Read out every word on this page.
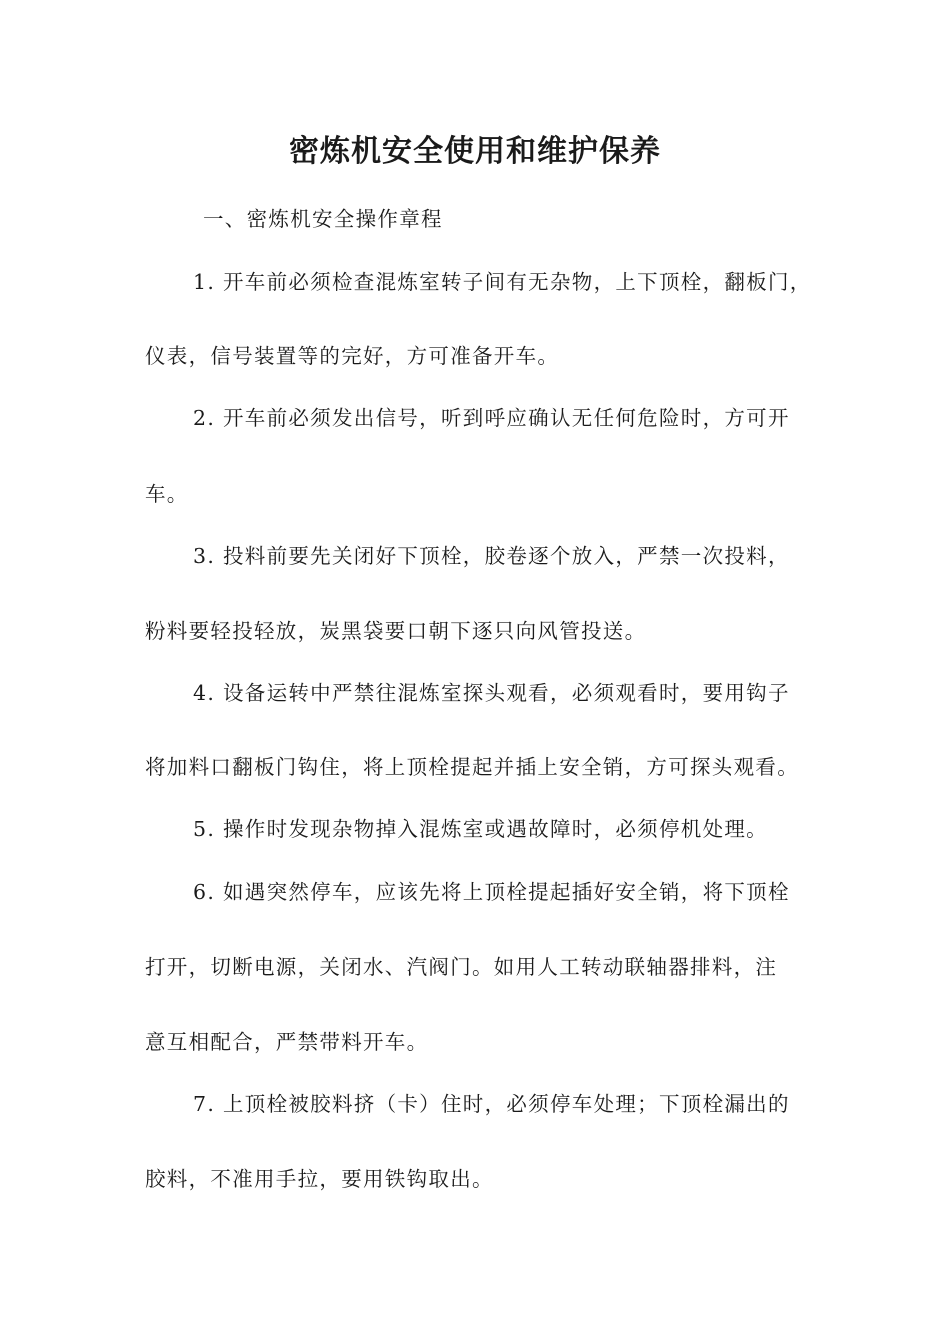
密炼机安全使用和维护保养
一、密炼机安全操作章程
1. 开车前必须检查混炼室转子间有无杂物，上下顶栓，翻板门，
仪表，信号装置等的完好，方可准备开车。
2. 开车前必须发出信号，听到呼应确认无任何危险时，方可开
车。
3. 投料前要先关闭好下顶栓，胶卷逐个放入，严禁一次投料，
粉料要轻投轻放，炭黑袋要口朝下逐只向风管投送。
4. 设备运转中严禁往混炼室探头观看，必须观看时，要用钩子
将加料口翻板门钩住，将上顶栓提起并插上安全销，方可探头观看。
5. 操作时发现杂物掉入混炼室或遇故障时，必须停机处理。
6. 如遇突然停车，应该先将上顶栓提起插好安全销，将下顶栓
打开，切断电源，关闭水、汽阀门。如用人工转动联轴器排料，注
意互相配合，严禁带料开车。
7. 上顶栓被胶料挤（卡）住时，必须停车处理；下顶栓漏出的
胶料，不准用手拉，要用铁钩取出。
